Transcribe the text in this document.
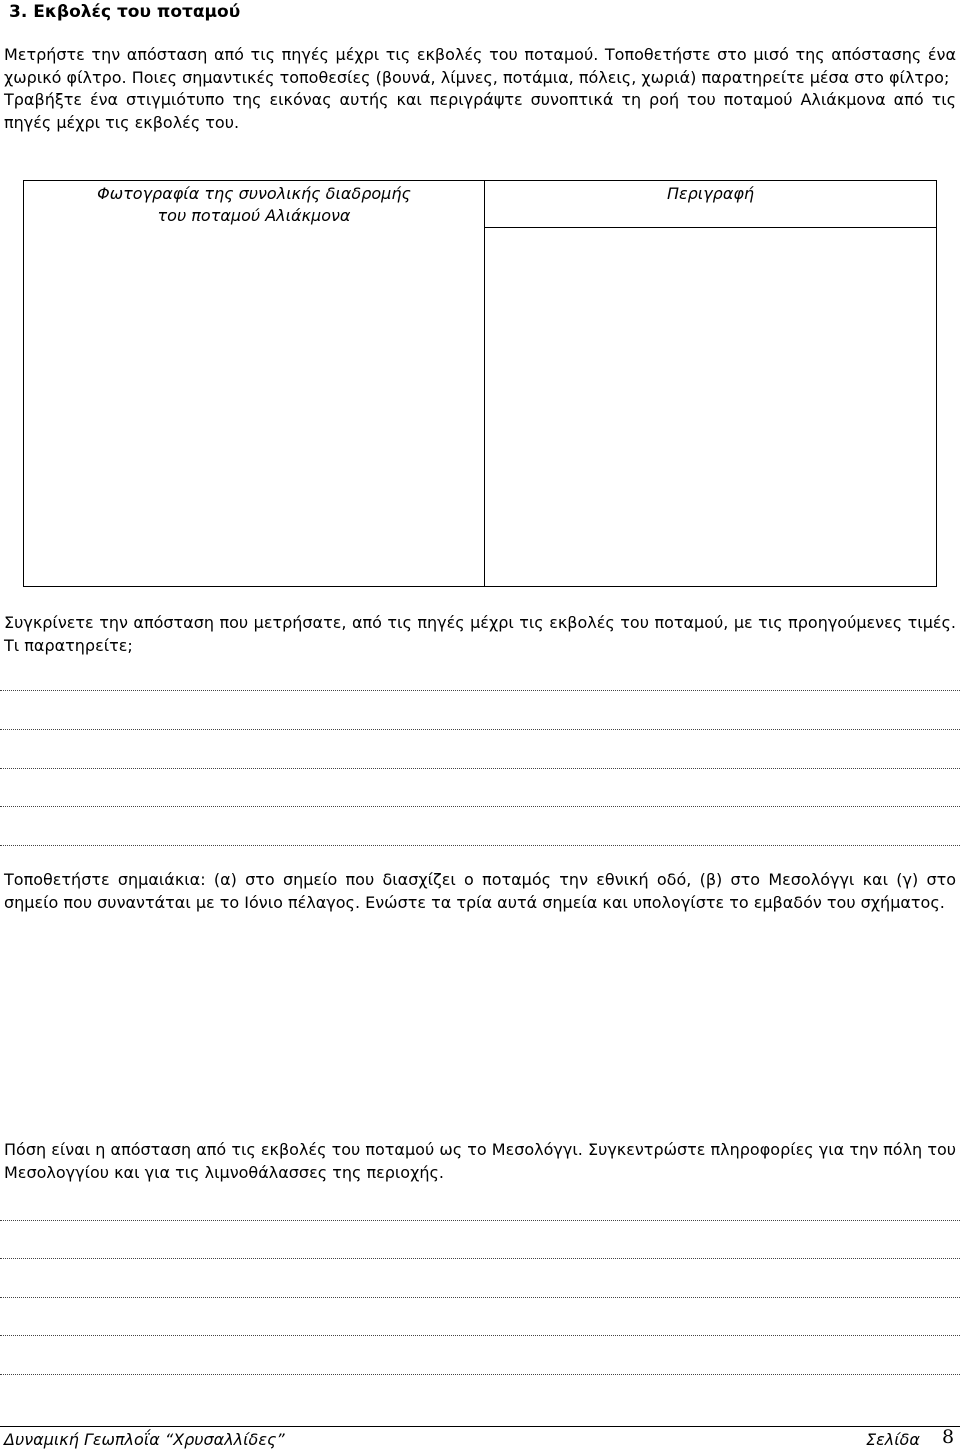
3. Εκβολές του ποταμού

Μετρήστε την απόσταση από τις πηγές μέχρι τις εκβολές του ποταμού. Τοποθετήστε στο μισό της απόστασης ένα χωρικό φίλτρο. Ποιες σημαντικές τοποθεσίες (βουνά, λίμνες, ποτάμια, πόλεις, χωριά) παρατηρείτε μέσα στο φίλτρο;

Τραβήξτε ένα στιγμιότυπο της εικόνας αυτής και περιγράψτε συνοπτικά τη ροή του ποταμού Αλιάκμονα από τις πηγές μέχρι τις εκβολές του.

Φωτογραφία της συνολικής διαδρομής
του ποταμού Αλιάκμονα
Περιγραφή
Συγκρίνετε την απόσταση που μετρήσατε, από τις πηγές μέχρι τις εκβολές του ποταμού, με τις προηγούμενες τιμές. Τι παρατηρείτε;
Τοποθετήστε σημαιάκια: (α) στο σημείο που διασχίζει ο ποταμός την εθνική οδό, (β) στο Μεσολόγγι και (γ) στο σημείο που συναντάται με το Ιόνιο πέλαγος. Ενώστε τα τρία αυτά σημεία και υπολογίστε το εμβαδόν του σχήματος.
Πόση είναι η απόσταση από τις εκβολές του ποταμού ως το Μεσολόγγι. Συγκεντρώστε πληροφορίες για την πόλη του Μεσολογγίου και για τις λιμνοθάλασσες της περιοχής.
Δυναμική Γεωπλοΐα “Χρυσαλλίδες”	Σελίδα 8
